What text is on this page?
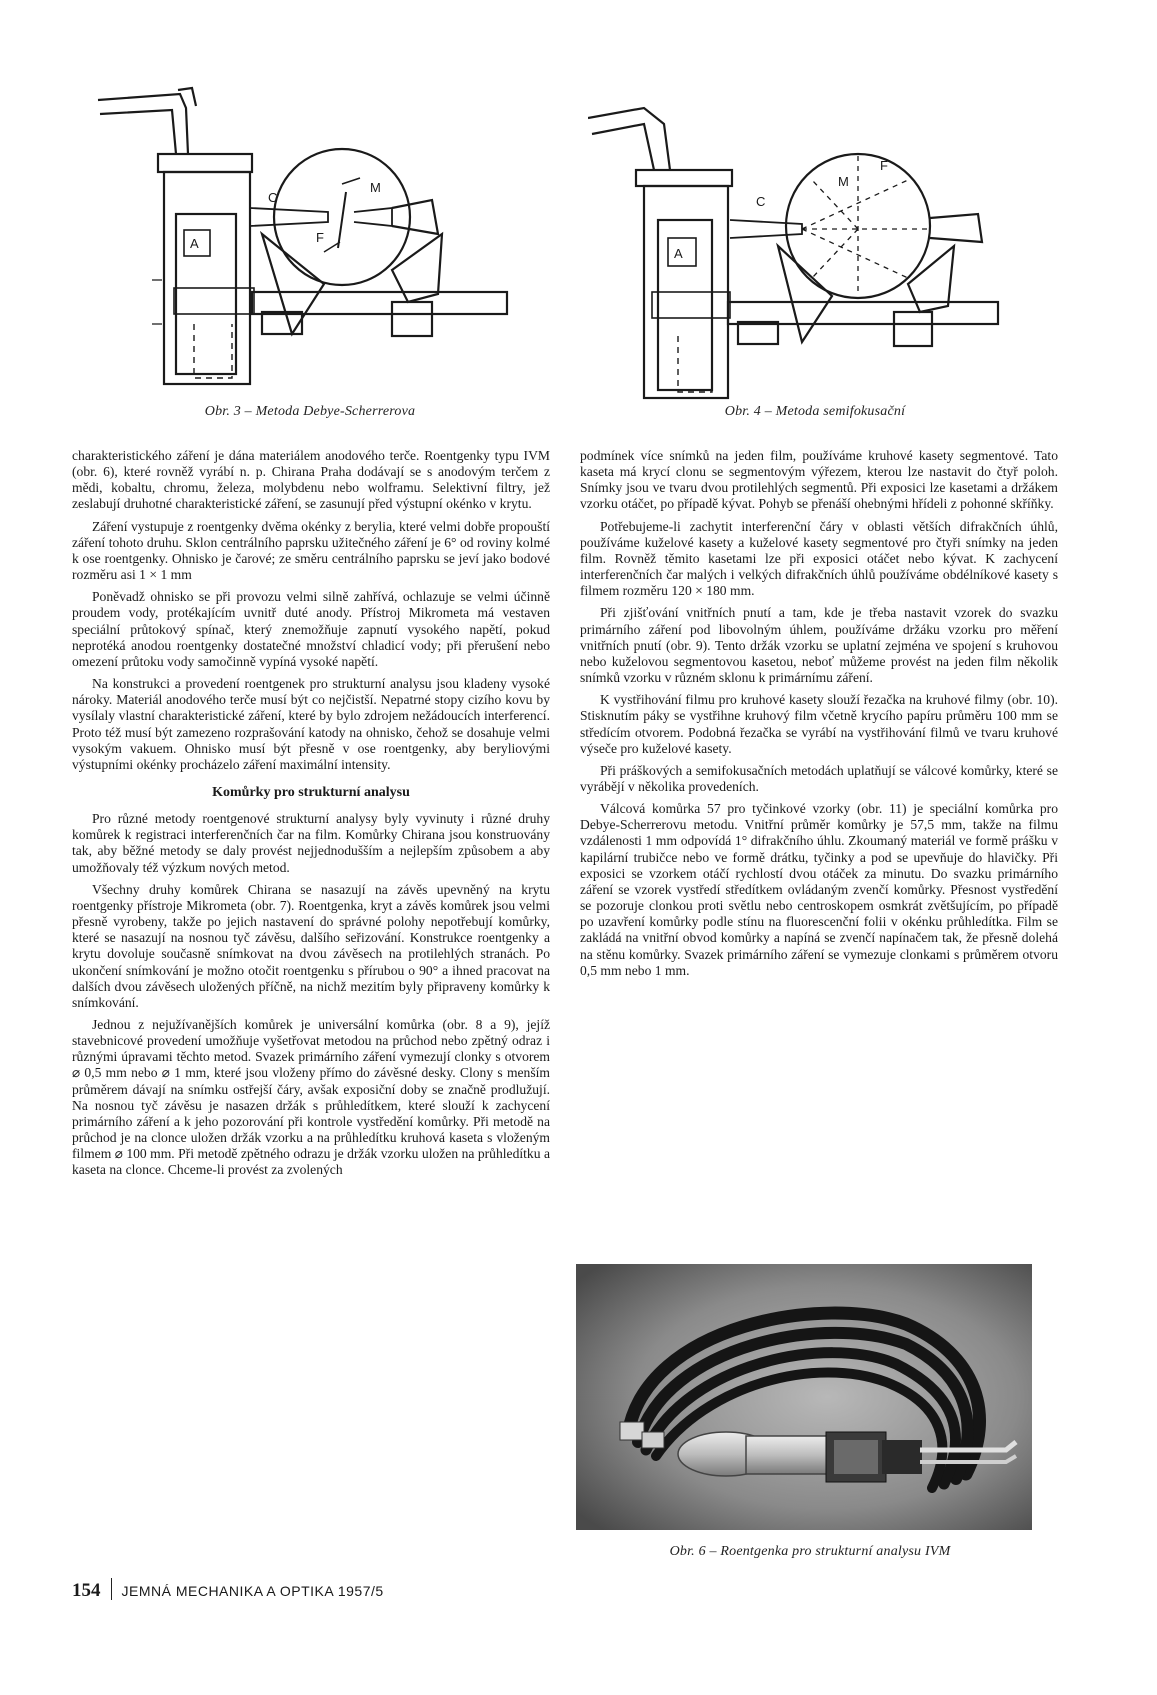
A
C
M
F
Obr. 3 – Metoda Debye-Scherrerova
A
C
M
F
Obr. 4 – Metoda semifokusační

charakteristického záření je dána materiálem anodového terče. Roentgenky typu IVM (obr. 6), které rovněž vyrábí n. p. Chirana Praha dodávají se s anodovým terčem z mědi, kobaltu, chromu, železa, molybdenu nebo wolframu. Selektivní filtry, jež zeslabují druhotné charakteristické záření, se zasunují před výstupní okénko v krytu.

Záření vystupuje z roentgenky dvěma okénky z berylia, které velmi dobře propouští záření tohoto druhu. Sklon centrálního paprsku užitečného záření je 6° od roviny kolmé k ose roentgenky. Ohnisko je čarové; ze směru centrálního paprsku se jeví jako bodové rozměru asi 1 × 1 mm

Poněvadž ohnisko se při provozu velmi silně zahřívá, ochlazuje se velmi účinně proudem vody, protékajícím uvnitř duté anody. Přístroj Mikrometa má vestaven speciální průtokový spínač, který znemožňuje zapnutí vysokého napětí, pokud neprotéká anodou roentgenky dostatečné množství chladicí vody; při přerušení nebo omezení průtoku vody samočinně vypíná vysoké napětí.

Na konstrukci a provedení roentgenek pro strukturní analysu jsou kladeny vysoké nároky. Materiál anodového terče musí být co nejčistší. Nepatrné stopy cizího kovu by vysílaly vlastní charakteristické záření, které by bylo zdrojem nežádoucích interferencí. Proto též musí být zamezeno rozprašování katody na ohnisko, čehož se dosahuje velmi vysokým vakuem. Ohnisko musí být přesně v ose roentgenky, aby beryliovými výstupními okénky procházelo záření maximální intensity.

Komůrky pro strukturní analysu

Pro různé metody roentgenové strukturní analysy byly vyvinuty i různé druhy komůrek k registraci interferenčních čar na film. Komůrky Chirana jsou konstruovány tak, aby běžné metody se daly provést nejjednodušším a nejlepším způsobem a aby umožňovaly též výzkum nových metod.

Všechny druhy komůrek Chirana se nasazují na závěs upevněný na krytu roentgenky přístroje Mikrometa (obr. 7). Roentgenka, kryt a závěs komůrek jsou velmi přesně vyrobeny, takže po jejich nastavení do správné polohy nepotřebují komůrky, které se nasazují na nosnou tyč závěsu, dalšího seřizování. Konstrukce roentgenky a krytu dovoluje současně snímkovat na dvou závěsech na protilehlých stranách. Po ukončení snímkování je možno otočit roentgenku s přírubou o 90° a ihned pracovat na dalších dvou závěsech uložených příčně, na nichž mezitím byly připraveny komůrky k snímkování.

Jednou z nejužívanějších komůrek je universální komůrka (obr. 8 a 9), jejíž stavebnicové provedení umožňuje vyšetřovat metodou na průchod nebo zpětný odraz i různými úpravami těchto metod. Svazek primárního záření vymezují clonky s otvorem ⌀ 0,5 mm nebo ⌀ 1 mm, které jsou vloženy přímo do závěsné desky. Clony s menším průměrem dávají na snímku ostřejší čáry, avšak exposiční doby se značně prodlužují. Na nosnou tyč závěsu je nasazen držák s průhledítkem, které slouží k zachycení primárního záření a k jeho pozorování při kontrole vystředění komůrky. Při metodě na průchod je na clonce uložen držák vzorku a na průhledítku kruhová kaseta s vloženým filmem ⌀ 100 mm. Při metodě zpětného odrazu je držák vzorku uložen na průhledítku a kaseta na clonce. Chceme-li provést za zvolených

podmínek více snímků na jeden film, používáme kruhové kasety segmentové. Tato kaseta má krycí clonu se segmentovým výřezem, kterou lze nastavit do čtyř poloh. Snímky jsou ve tvaru dvou protilehlých segmentů. Při exposici lze kasetami a držákem vzorku otáčet, po případě kývat. Pohyb se přenáší ohebnými hřídeli z pohonné skříňky.

Potřebujeme-li zachytit interferenční čáry v oblasti větších difrakčních úhlů, používáme kuželové kasety a kuželové kasety segmentové pro čtyři snímky na jeden film. Rovněž těmito kasetami lze při exposici otáčet nebo kývat. K zachycení interferenčních čar malých i velkých difrakčních úhlů používáme obdélníkové kasety s filmem rozměru 120 × 180 mm.

Při zjišťování vnitřních pnutí a tam, kde je třeba nastavit vzorek do svazku primárního záření pod libovolným úhlem, používáme držáku vzorku pro měření vnitřních pnutí (obr. 9). Tento držák vzorku se uplatní zejména ve spojení s kruhovou nebo kuželovou segmentovou kasetou, neboť můžeme provést na jeden film několik snímků vzorku v různém sklonu k primárnímu záření.

K vystřihování filmu pro kruhové kasety slouží řezačka na kruhové filmy (obr. 10). Stisknutím páky se vystřihne kruhový film včetně krycího papíru průměru 100 mm se středícím otvorem. Podobná řezačka se vyrábí na vystřihování filmů ve tvaru kruhové výseče pro kuželové kasety.

Při práškových a semifokusačních metodách uplatňují se válcové komůrky, které se vyrábějí v několika provedeních.

Válcová komůrka 57 pro tyčinkové vzorky (obr. 11) je speciální komůrka pro Debye-Scherrerovu metodu. Vnitřní průměr komůrky je 57,5 mm, takže na filmu vzdálenosti 1 mm odpovídá 1° difrakčního úhlu. Zkoumaný materiál ve formě prášku v kapilární trubičce nebo ve formě drátku, tyčinky a pod se upevňuje do hlavičky. Při exposici se vzorkem otáčí rychlostí dvou otáček za minutu. Do svazku primárního záření se vzorek vystředí středítkem ovládaným zvenčí komůrky. Přesnost vystředění se pozoruje clonkou proti světlu nebo centroskopem osmkrát zvětšujícím, po případě po uzavření komůrky podle stínu na fluorescenční folii v okénku průhledítka. Film se zakládá na vnitřní obvod komůrky a napíná se zvenčí napínačem tak, že přesně dolehá na stěnu komůrky. Svazek primárního záření se vymezuje clonkami s průměrem otvoru 0,5 mm nebo 1 mm.

Obr. 6 – Roentgenka pro strukturní analysu IVM
154 JEMNÁ MECHANIKA A OPTIKA 1957/5
